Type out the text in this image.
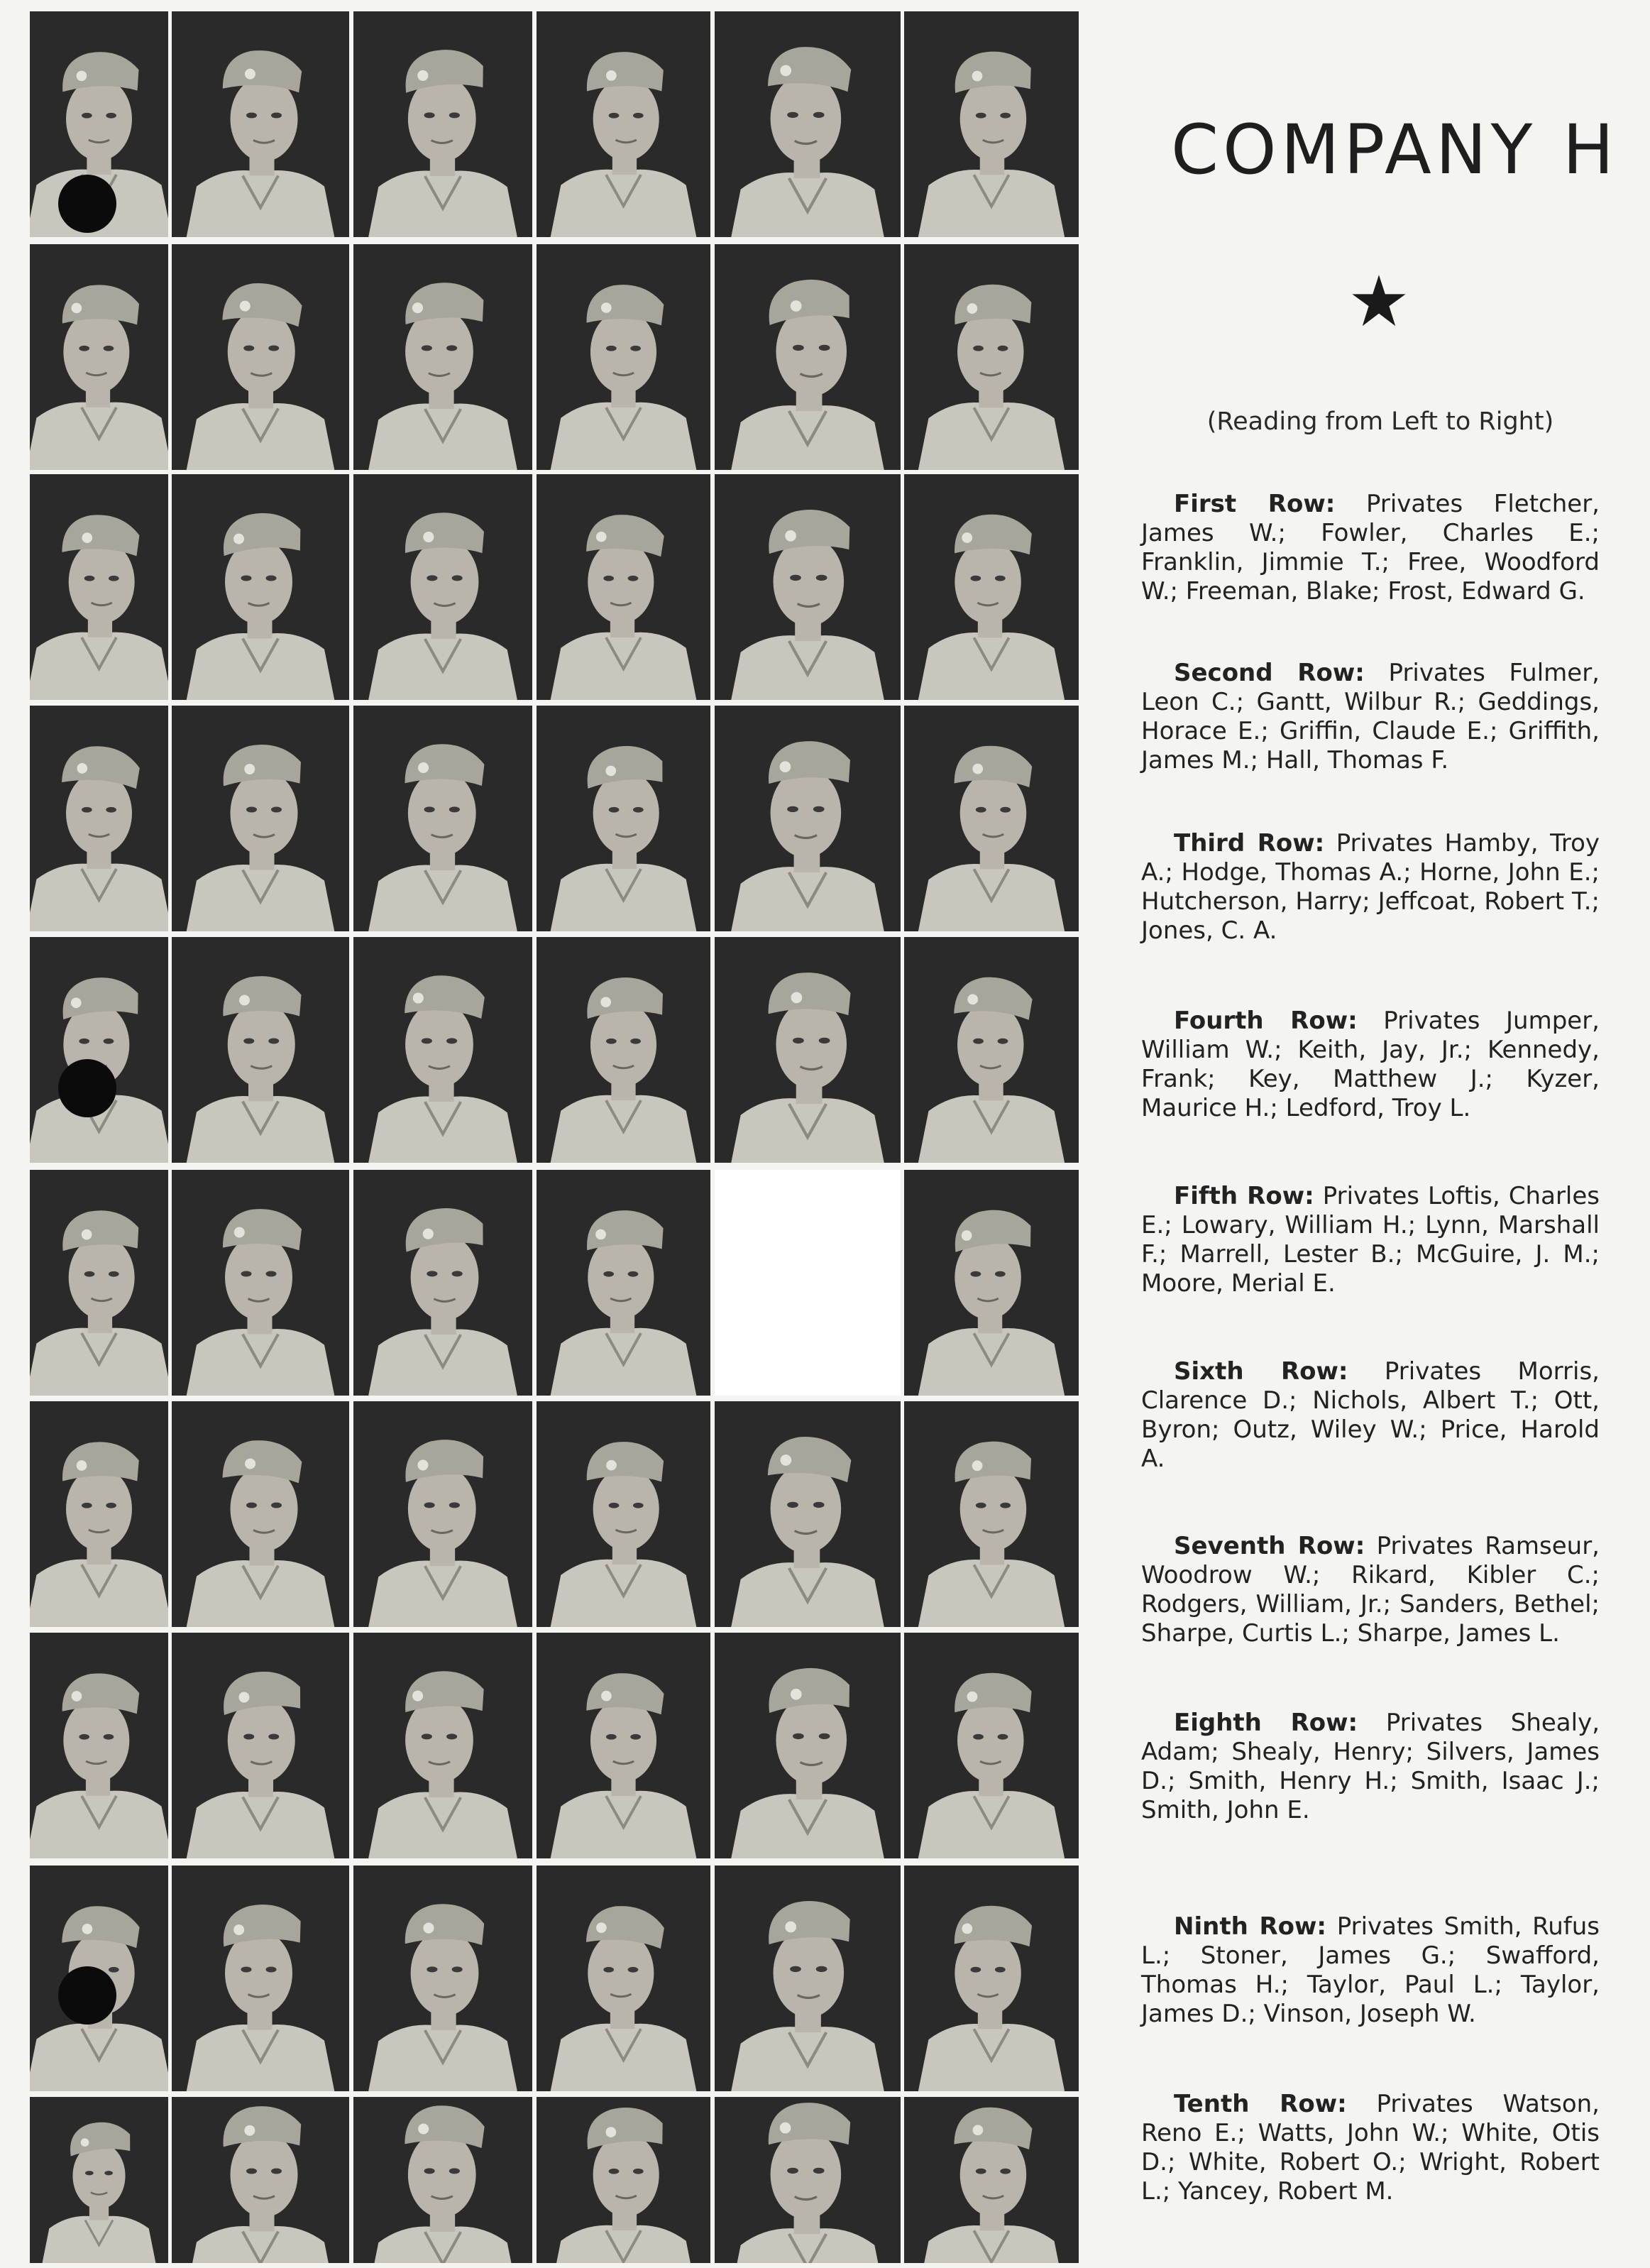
COMPANY H
(Reading from Left to Right)
First Row: Privates Fletcher, James W.; Fowler, Charles E.; Franklin, Jimmie T.; Free, Woodford W.; Freeman, Blake; Frost, Edward G.
Second Row: Privates Fulmer, Leon C.; Gantt, Wilbur R.; Geddings, Horace E.; Griffin, Claude E.; Griffith, James M.; Hall, Thomas F.
Third Row: Privates Hamby, Troy A.; Hodge, Thomas A.; Horne, John E.; Hutcherson, Harry; Jeffcoat, Robert T.; Jones, C. A.
Fourth Row: Privates Jumper, William W.; Keith, Jay, Jr.; Kennedy, Frank; Key, Matthew J.; Kyzer, Maurice H.; Ledford, Troy L.
Fifth Row: Privates Loftis, Charles E.; Lowary, William H.; Lynn, Marshall F.; Marrell, Lester B.; McGuire, J. M.; Moore, Merial E.
Sixth Row: Privates Morris, Clarence D.; Nichols, Albert T.; Ott, Byron; Outz, Wiley W.; Price, Harold A.
Seventh Row: Privates Ramseur, Woodrow W.; Rikard, Kibler C.; Rodgers, William, Jr.; Sanders, Bethel; Sharpe, Curtis L.; Sharpe, James L.
Eighth Row: Privates Shealy, Adam; Shealy, Henry; Silvers, James D.; Smith, Henry H.; Smith, Isaac J.; Smith, John E.
Ninth Row: Privates Smith, Rufus L.; Stoner, James G.; Swafford, Thomas H.; Taylor, Paul L.; Taylor, James D.; Vinson, Joseph W.
Tenth Row: Privates Watson, Reno E.; Watts, John W.; White, Otis D.; White, Robert O.; Wright, Robert L.; Yancey, Robert M.
